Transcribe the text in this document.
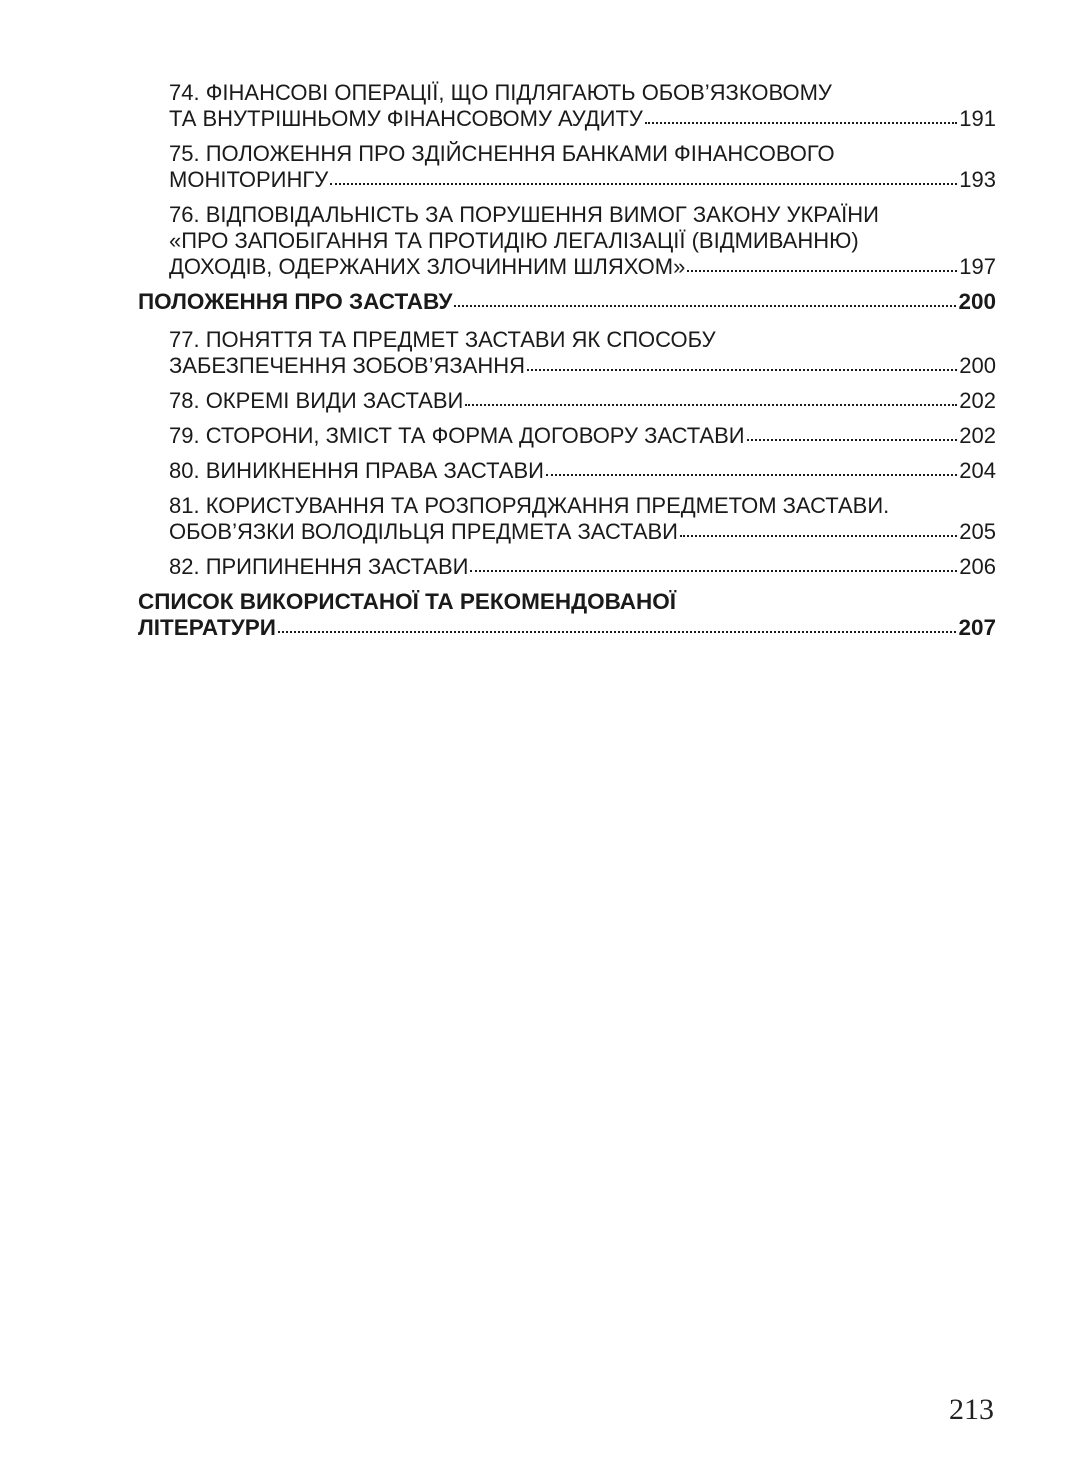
74. ФІНАНСОВІ ОПЕРАЦІЇ, ЩО ПІДЛЯГАЮТЬ ОБОВ’ЯЗКОВОМУ
ТА ВНУТРІШНЬОМУ ФІНАНСОВОМУ АУДИТУ	191
75. ПОЛОЖЕННЯ ПРО ЗДІЙСНЕННЯ БАНКАМИ ФІНАНСОВОГО
МОНІТОРИНГУ	193
76. ВІДПОВІДАЛЬНІСТЬ ЗА ПОРУШЕННЯ ВИМОГ ЗАКОНУ УКРАЇНИ
«ПРО ЗАПОБІГАННЯ ТА ПРОТИДІЮ ЛЕГАЛІЗАЦІЇ (ВІДМИВАННЮ)
ДОХОДІВ, ОДЕРЖАНИХ ЗЛОЧИННИМ ШЛЯХОМ»	197
ПОЛОЖЕННЯ ПРО ЗАСТАВУ	200
77. ПОНЯТТЯ ТА ПРЕДМЕТ ЗАСТАВИ ЯК СПОСОБУ
ЗАБЕЗПЕЧЕННЯ ЗОБОВ’ЯЗАННЯ	200
78. ОКРЕМІ ВИДИ ЗАСТАВИ	202
79. СТОРОНИ, ЗМІСТ ТА ФОРМА ДОГОВОРУ ЗАСТАВИ	202
80. ВИНИКНЕННЯ ПРАВА ЗАСТАВИ	204
81. КОРИСТУВАННЯ ТА РОЗПОРЯДЖАННЯ ПРЕДМЕТОМ ЗАСТАВИ.
ОБОВ’ЯЗКИ ВОЛОДІЛЬЦЯ ПРЕДМЕТА ЗАСТАВИ	205
82. ПРИПИНЕННЯ ЗАСТАВИ	206
СПИСОК ВИКОРИСТАНОЇ ТА РЕКОМЕНДОВАНОЇ
ЛІТЕРАТУРИ	207
213
